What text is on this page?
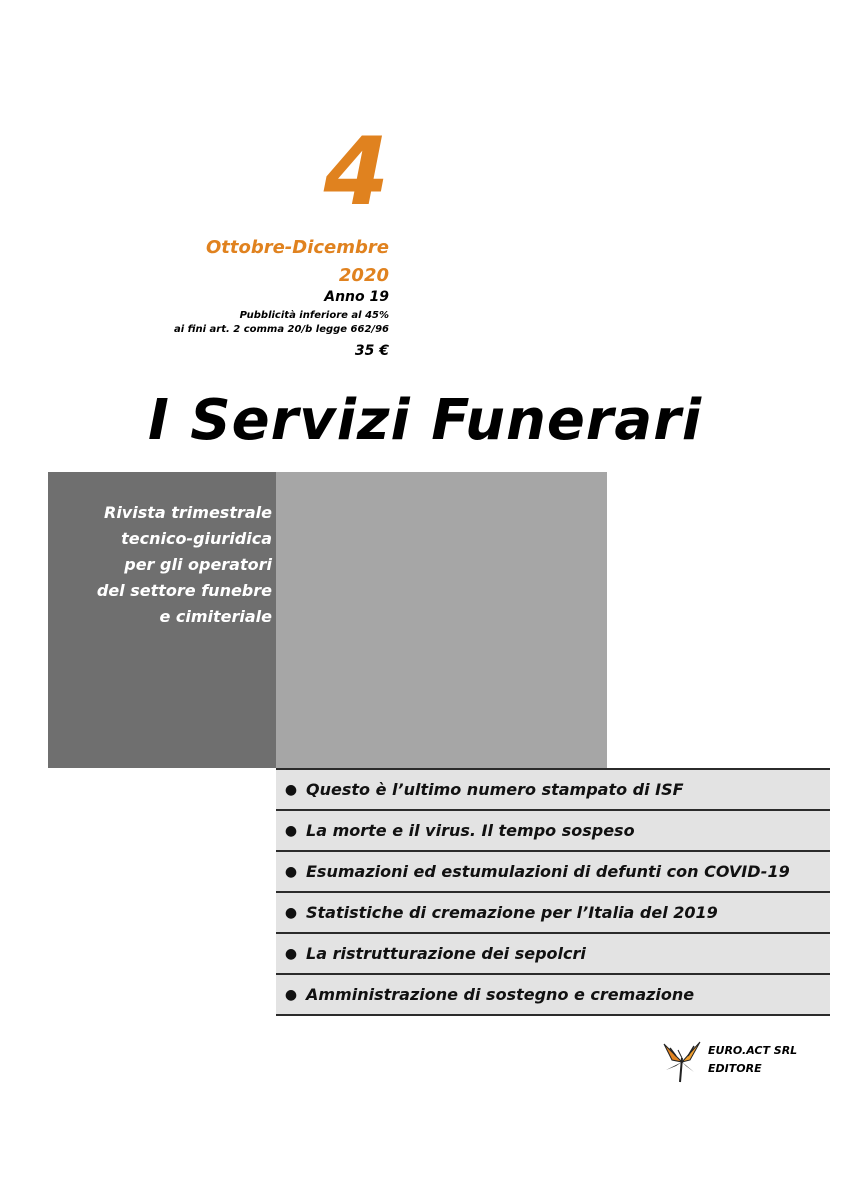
4
Ottobre-Dicembre
2020
Anno 19
Pubblicità inferiore al 45%
ai fini art. 2 comma 20/b legge 662/96
35 €
I Servizi Funerari
Rivista trimestrale
tecnico-giuridica
per gli operatori
del settore funebre
e cimiteriale
● Questo è l’ultimo numero stampato di ISF
● La morte e il virus. Il tempo sospeso
● Esumazioni ed estumulazioni di defunti con COVID-19
● Statistiche di cremazione per l’Italia del 2019
● La ristrutturazione dei sepolcri
● Amministrazione di sostegno e cremazione
EURO.ACT SRL
EDITORE
